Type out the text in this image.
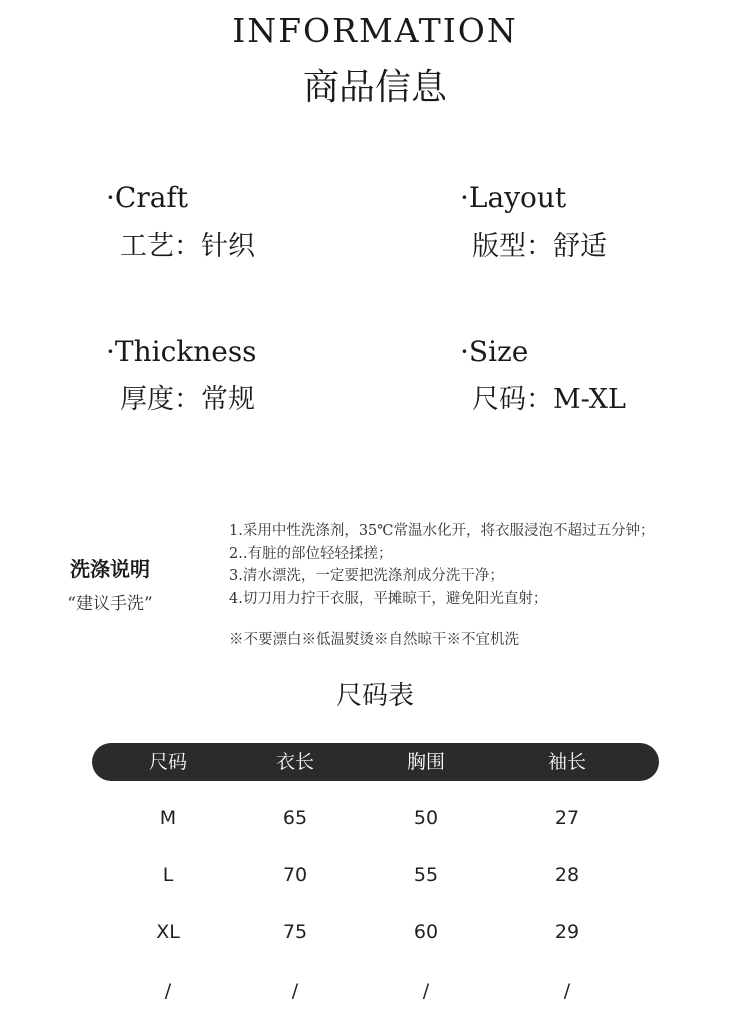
INFORMATION
商品信息
·Craft
工艺：针织
·Layout
版型：舒适
·Thickness
厚度：常规
·Size
尺码：M-XL
洗涤说明
“建议手洗”
1.采用中性洗涤剂，35℃常温水化开，将衣服浸泡不超过五分钟；
2..有脏的部位轻轻揉搓；
3.清水漂洗，一定要把洗涤剂成分洗干净；
4.切刀用力拧干衣服，平摊晾干，避免阳光直射；
※不要漂白※低温熨烫※自然晾干※不宜机洗
尺码表
尺码	衣长	胸围	袖长
M	65	50	27
L	70	55	28
XL	75	60	29
/	/	/	/
